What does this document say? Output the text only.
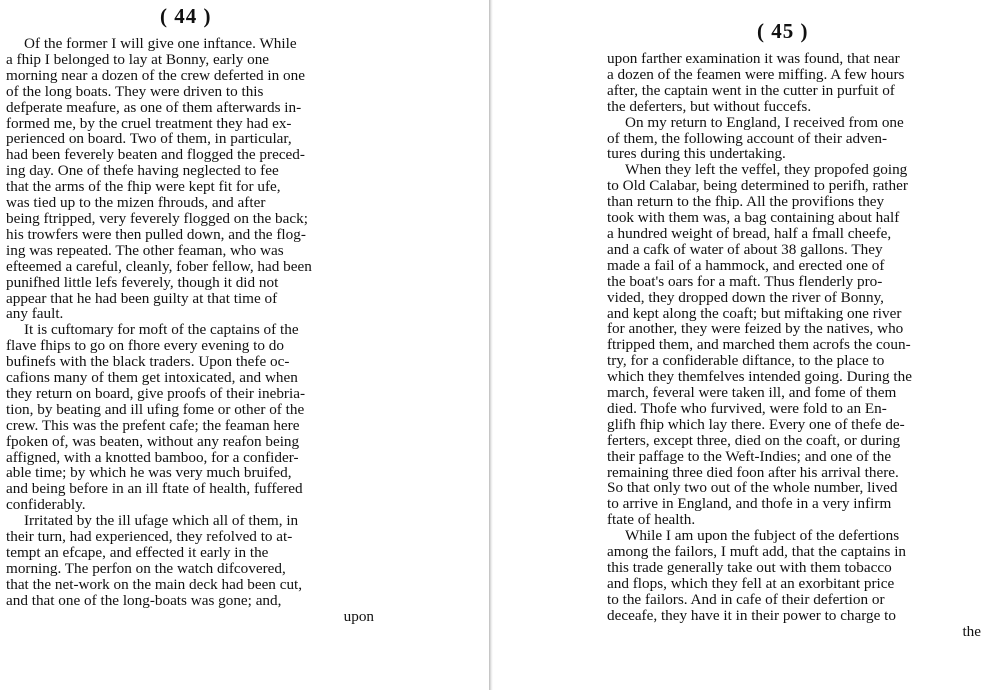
( 44 )
Of the former I will give one inftance. While
a fhip I belonged to lay at Bonny, early one
morning near a dozen of the crew deferted in one
of the long boats. They were driven to this
defperate meafure, as one of them afterwards in-
formed me, by the cruel treatment they had ex-
perienced on board. Two of them, in particular,
had been feverely beaten and flogged the preced-
ing day. One of thefe having neglected to fee
that the arms of the fhip were kept fit for ufe,
was tied up to the mizen fhrouds, and after
being ftripped, very feverely flogged on the back;
his trowfers were then pulled down, and the flog-
ing was repeated. The other feaman, who was
efteemed a careful, cleanly, fober fellow, had been
punifhed little lefs feverely, though it did not
appear that he had been guilty at that time of
any fault.
It is cuftomary for moft of the captains of the
flave fhips to go on fhore every evening to do
bufinefs with the black traders. Upon thefe oc-
cafions many of them get intoxicated, and when
they return on board, give proofs of their inebria-
tion, by beating and ill ufing fome or other of the
crew. This was the prefent cafe; the feaman here
fpoken of, was beaten, without any reafon being
affigned, with a knotted bamboo, for a confider-
able time; by which he was very much bruifed,
and being before in an ill ftate of health, fuffered
confiderably.
Irritated by the ill ufage which all of them, in
their turn, had experienced, they refolved to at-
tempt an efcape, and effected it early in the
morning. The perfon on the watch difcovered,
that the net-work on the main deck had been cut,
and that one of the long-boats was gone; and,
upon
( 45 )
upon farther examination it was found, that near
a dozen of the feamen were miffing. A few hours
after, the captain went in the cutter in purfuit of
the deferters, but without fuccefs.
On my return to England, I received from one
of them, the following account of their adven-
tures during this undertaking.
When they left the veffel, they propofed going
to Old Calabar, being determined to perifh, rather
than return to the fhip. All the provifions they
took with them was, a bag containing about half
a hundred weight of bread, half a fmall cheefe,
and a cafk of water of about 38 gallons. They
made a fail of a hammock, and erected one of
the boat's oars for a maft. Thus flenderly pro-
vided, they dropped down the river of Bonny,
and kept along the coaft; but miftaking one river
for another, they were feized by the natives, who
ftripped them, and marched them acrofs the coun-
try, for a confiderable diftance, to the place to
which they themfelves intended going. During the
march, feveral were taken ill, and fome of them
died. Thofe who furvived, were fold to an En-
glifh fhip which lay there. Every one of thefe de-
ferters, except three, died on the coaft, or during
their paffage to the Weft-Indies; and one of the
remaining three died foon after his arrival there.
So that only two out of the whole number, lived
to arrive in England, and thofe in a very infirm
ftate of health.
While I am upon the fubject of the defertions
among the failors, I muft add, that the captains in
this trade generally take out with them tobacco
and flops, which they fell at an exorbitant price
to the failors. And in cafe of their defertion or
deceafe, they have it in their power to charge to
the
